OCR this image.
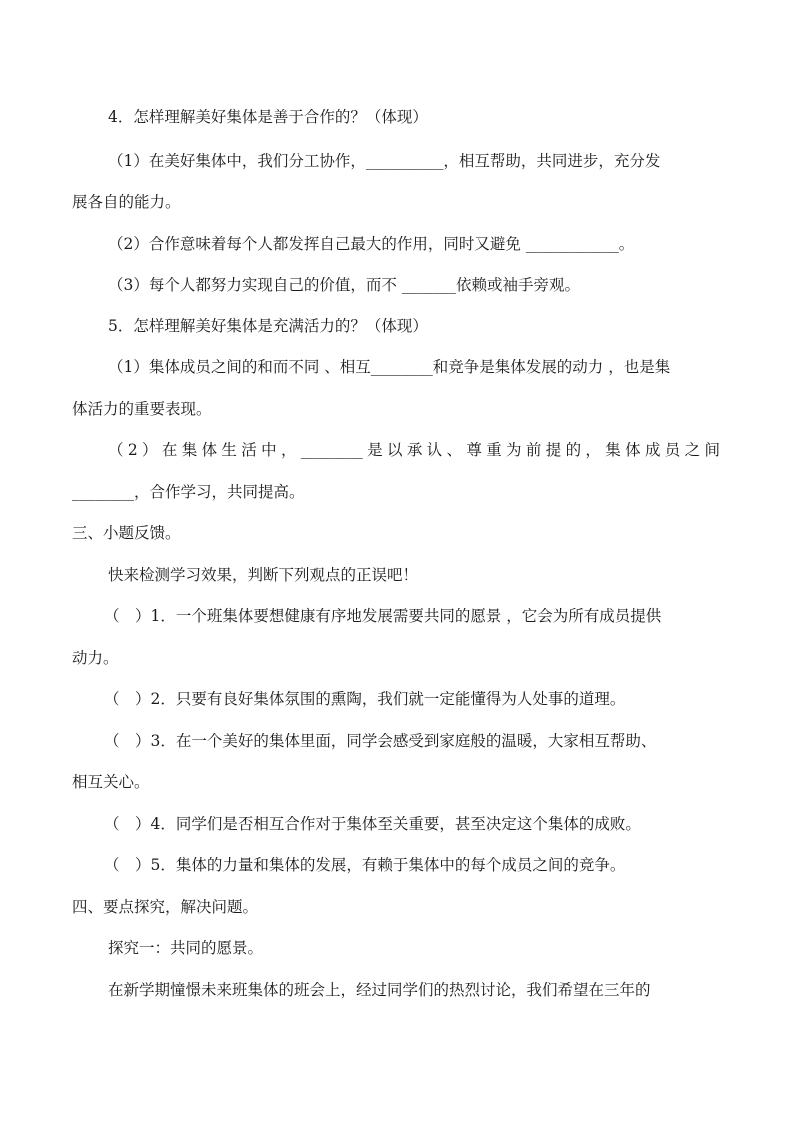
4．怎样理解美好集体是善于合作的？（体现）
（1）在美好集体中，我们分工协作，__________，相互帮助，共同进步，充分发
展各自的能力。
（2）合作意味着每个人都发挥自己最大的作用，同时又避免 ____________。
（3）每个人都努力实现自己的价值，而不 _______依赖或袖手旁观。
5．怎样理解美好集体是充满活力的？（体现）
（1）集体成员之间的和而不同 、相互________和竞争是集体发展的动力 ，也是集
体活力的重要表现。
（2）在集体生活中，________是以承认、尊重为前提的，集体成员之间
________，合作学习，共同提高。
三、小题反馈。
快来检测学习效果，判断下列观点的正误吧！
（　）1．一个班集体要想健康有序地发展需要共同的愿景 ，它会为所有成员提供
动力。
（　）2．只要有良好集体氛围的熏陶，我们就一定能懂得为人处事的道理。
（　）3．在一个美好的集体里面，同学会感受到家庭般的温暖，大家相互帮助、
相互关心。
（　）4．同学们是否相互合作对于集体至关重要，甚至决定这个集体的成败。
（　）5．集体的力量和集体的发展，有赖于集体中的每个成员之间的竞争。
四、要点探究，解决问题。
探究一：共同的愿景。
在新学期憧憬未来班集体的班会上，经过同学们的热烈讨论，我们希望在三年的
